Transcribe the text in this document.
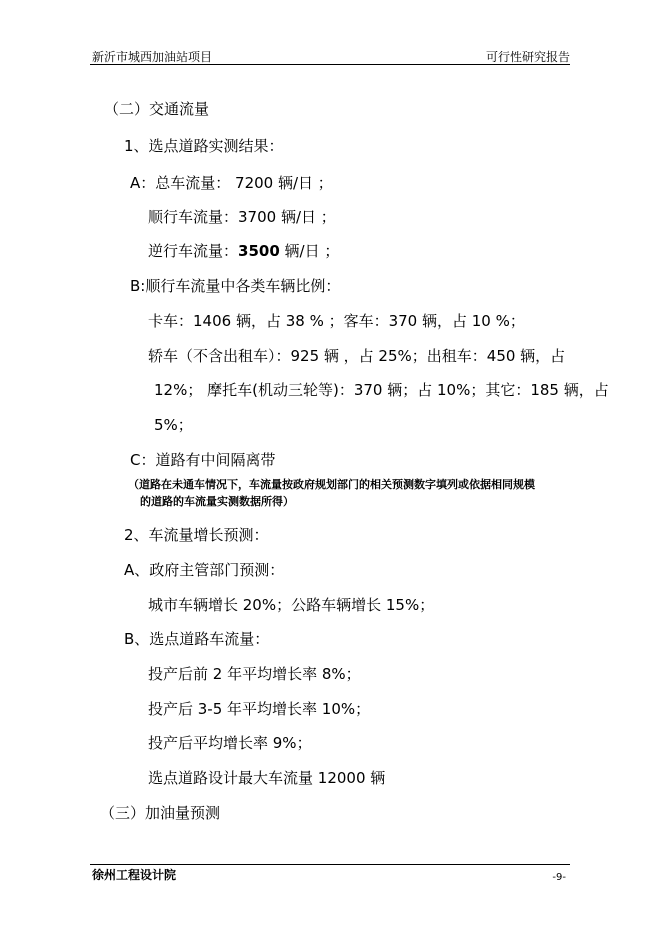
新沂市城西加油站项目	可行性研究报告
（二）交通流量
1、选点道路实测结果：
A：总车流量： 7200 辆/日 ；
顺行车流量：3700 辆/日 ；
逆行车流量：3500 辆/日 ；
B:顺行车流量中各类车辆比例：
卡车：1406 辆，占 38 % ；客车：370 辆，占 10 %；
轿车（不含出租车）：925 辆 ，占 25%；出租车：450 辆，占
12%； 摩托车(机动三轮等)：370 辆；占 10%；其它：185 辆，占
5%；
C：道路有中间隔离带
（道路在未通车情况下，车流量按政府规划部门的相关预测数字填列或依据相同规模
的道路的车流量实测数据所得）
2、车流量增长预测：
A、政府主管部门预测：
城市车辆增长 20%；公路车辆增长 15%；
B、选点道路车流量：
投产后前 2 年平均增长率 8%；
投产后 3-5 年平均增长率 10%；
投产后平均增长率 9%；
选点道路设计最大车流量 12000 辆
（三）加油量预测
徐州工程设计院	-9-
